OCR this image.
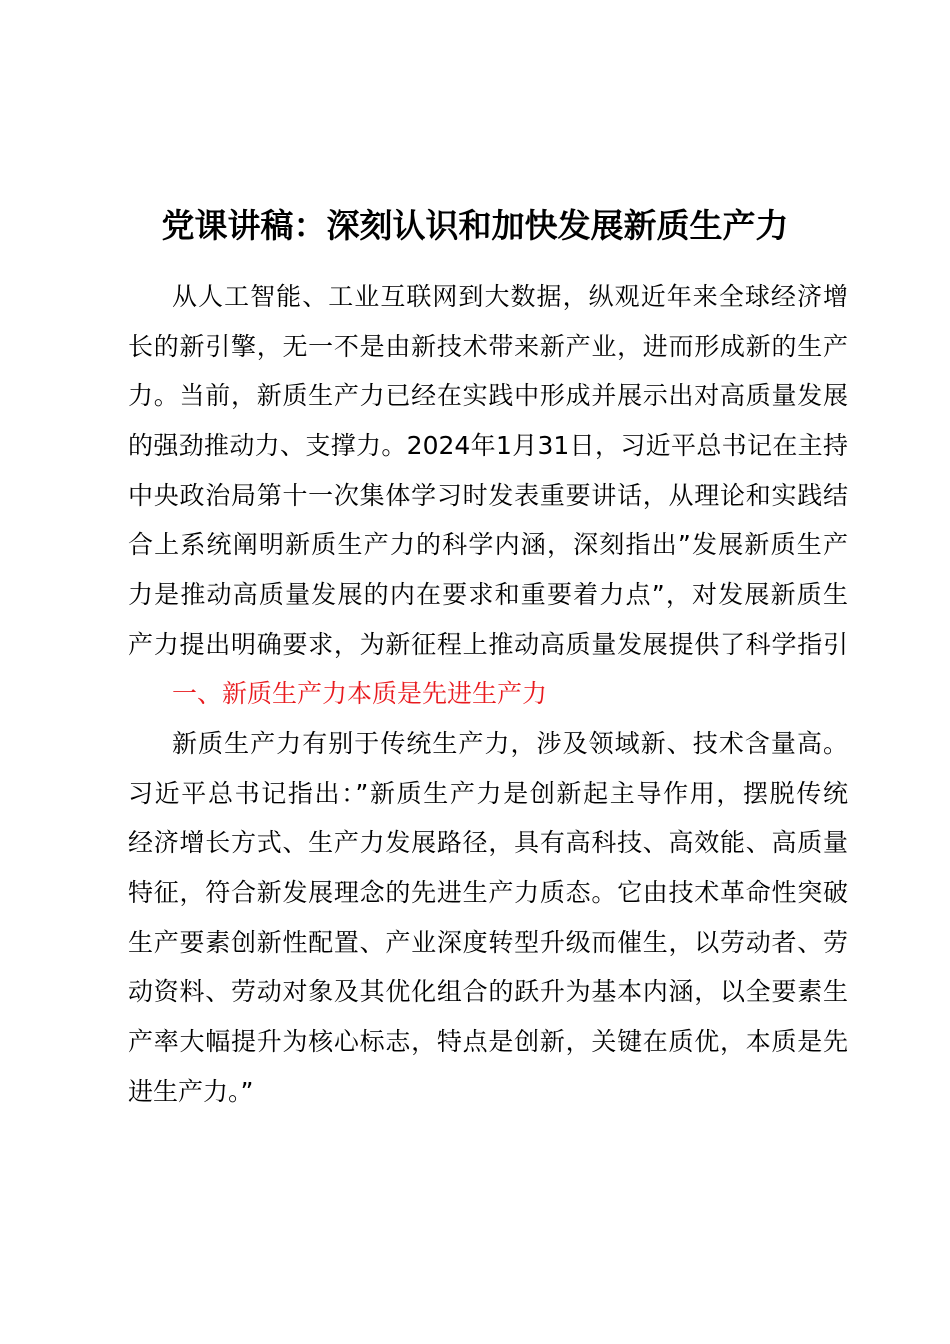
党课讲稿：深刻认识和加快发展新质生产力
从人工智能、工业互联网到大数据，纵观近年来全球经济增
长的新引擎，无一不是由新技术带来新产业，进而形成新的生产
力。当前，新质生产力已经在实践中形成并展示出对高质量发展
的强劲推动力、支撑力。2024年1月31日，习近平总书记在主持
中央政治局第十一次集体学习时发表重要讲话，从理论和实践结
合上系统阐明新质生产力的科学内涵，深刻指出”发展新质生产
力是推动高质量发展的内在要求和重要着力点”，对发展新质生
产力提出明确要求，为新征程上推动高质量发展提供了科学指引
一、新质生产力本质是先进生产力
新质生产力有别于传统生产力，涉及领域新、技术含量高。
习近平总书记指出：”新质生产力是创新起主导作用，摆脱传统
经济增长方式、生产力发展路径，具有高科技、高效能、高质量
特征，符合新发展理念的先进生产力质态。它由技术革命性突破
生产要素创新性配置、产业深度转型升级而催生，以劳动者、劳
动资料、劳动对象及其优化组合的跃升为基本内涵，以全要素生
产率大幅提升为核心标志，特点是创新，关键在质优，本质是先
进生产力。”
